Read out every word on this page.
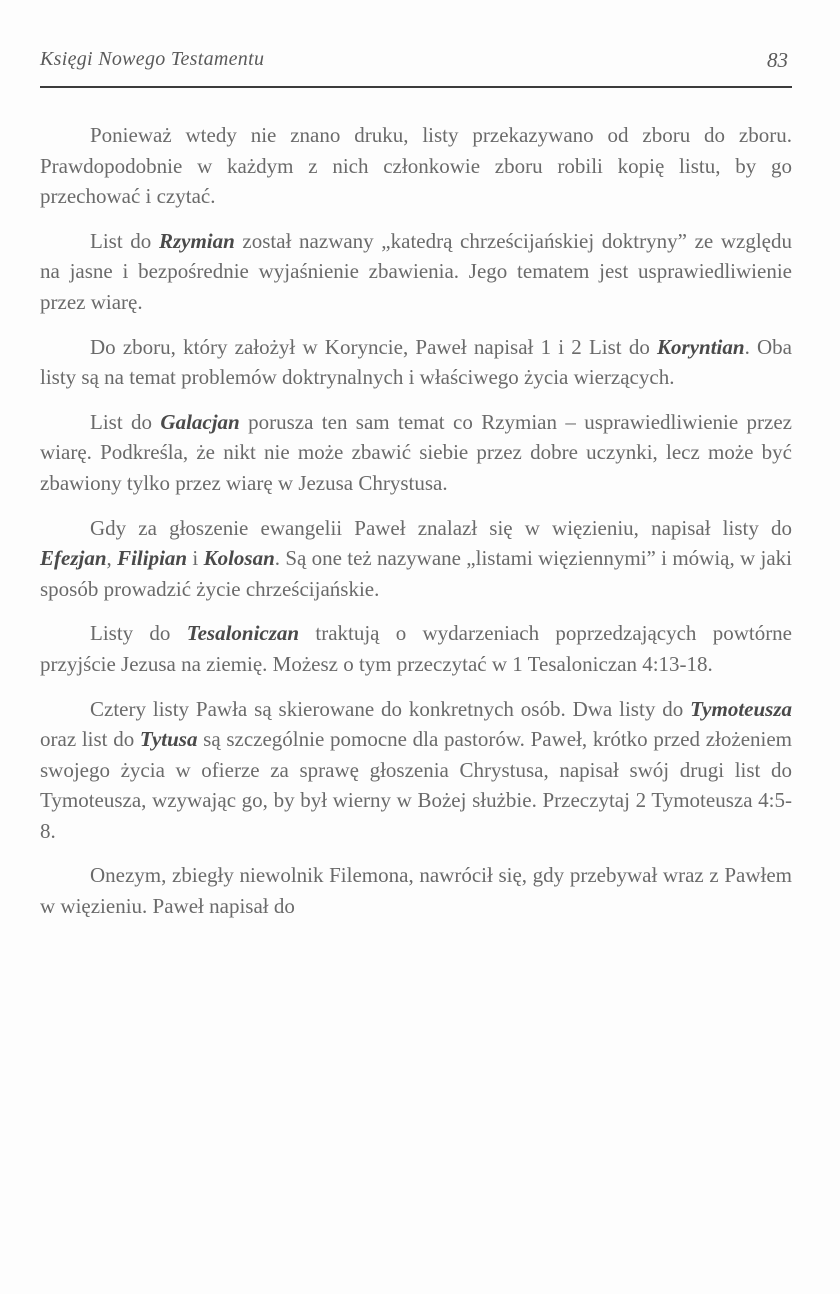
Księgi Nowego Testamentu	83

Ponieważ wtedy nie znano druku, listy przekazywano od zboru do zboru. Prawdopodobnie w każdym z nich członkowie zboru robili kopię listu, by go przechować i czytać.

List do Rzymian został nazwany „katedrą chrześcijańskiej doktryny” ze względu na jasne i bezpośrednie wyjaśnienie zbawienia. Jego tematem jest usprawiedliwienie przez wiarę.

Do zboru, który założył w Koryncie, Paweł napisał 1 i 2 List do Koryntian. Oba listy są na temat problemów doktrynalnych i właściwego życia wierzących.

List do Galacjan porusza ten sam temat co Rzymian – usprawiedliwienie przez wiarę. Podkreśla, że nikt nie może zbawić siebie przez dobre uczynki, lecz może być zbawiony tylko przez wiarę w Jezusa Chrystusa.

Gdy za głoszenie ewangelii Paweł znalazł się w więzieniu, napisał listy do Efezjan, Filipian i Kolosan. Są one też nazywane „listami więziennymi” i mówią, w jaki sposób prowadzić życie chrześcijańskie.

Listy do Tesaloniczan traktują o wydarzeniach poprzedzających powtórne przyjście Jezusa na ziemię. Możesz o tym przeczytać w 1 Tesaloniczan 4:13-18.

Cztery listy Pawła są skierowane do konkretnych osób. Dwa listy do Tymoteusza oraz list do Tytusa są szczególnie pomocne dla pastorów. Paweł, krótko przed złożeniem swojego życia w ofierze za sprawę głoszenia Chrystusa, napisał swój drugi list do Tymoteusza, wzywając go, by był wierny w Bożej służbie. Przeczytaj 2 Tymoteusza 4:5-8.

Onezym, zbiegły niewolnik Filemona, nawrócił się, gdy przebywał wraz z Pawłem w więzieniu. Paweł napisał do
